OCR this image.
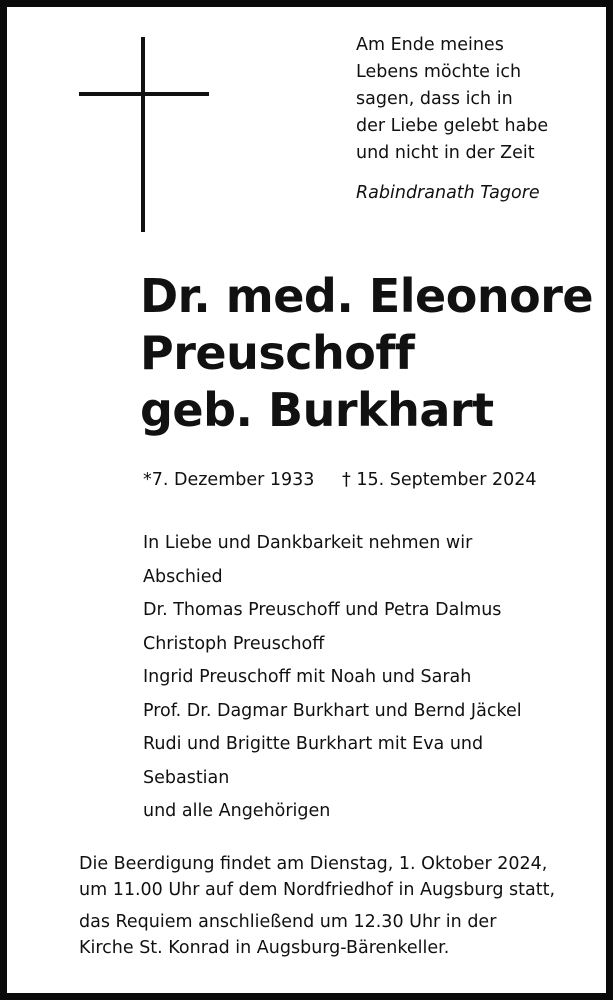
Am Ende meines
Lebens möchte ich
sagen, dass ich in
der Liebe gelebt habe
und nicht in der Zeit
Rabindranath Tagore
Dr. med. Eleonore
Preuschoff
geb. Burkhart
*7. Dezember 1933 † 15. September 2024
In Liebe und Dankbarkeit nehmen wir
Abschied
Dr. Thomas Preuschoff und Petra Dalmus
Christoph Preuschoff
Ingrid Preuschoff mit Noah und Sarah
Prof. Dr. Dagmar Burkhart und Bernd Jäckel
Rudi und Brigitte Burkhart mit Eva und
Sebastian
und alle Angehörigen
Die Beerdigung findet am Dienstag, 1. Oktober 2024,
um 11.00 Uhr auf dem Nordfriedhof in Augsburg statt,
das Requiem anschließend um 12.30 Uhr in der
Kirche St. Konrad in Augsburg-Bärenkeller.
